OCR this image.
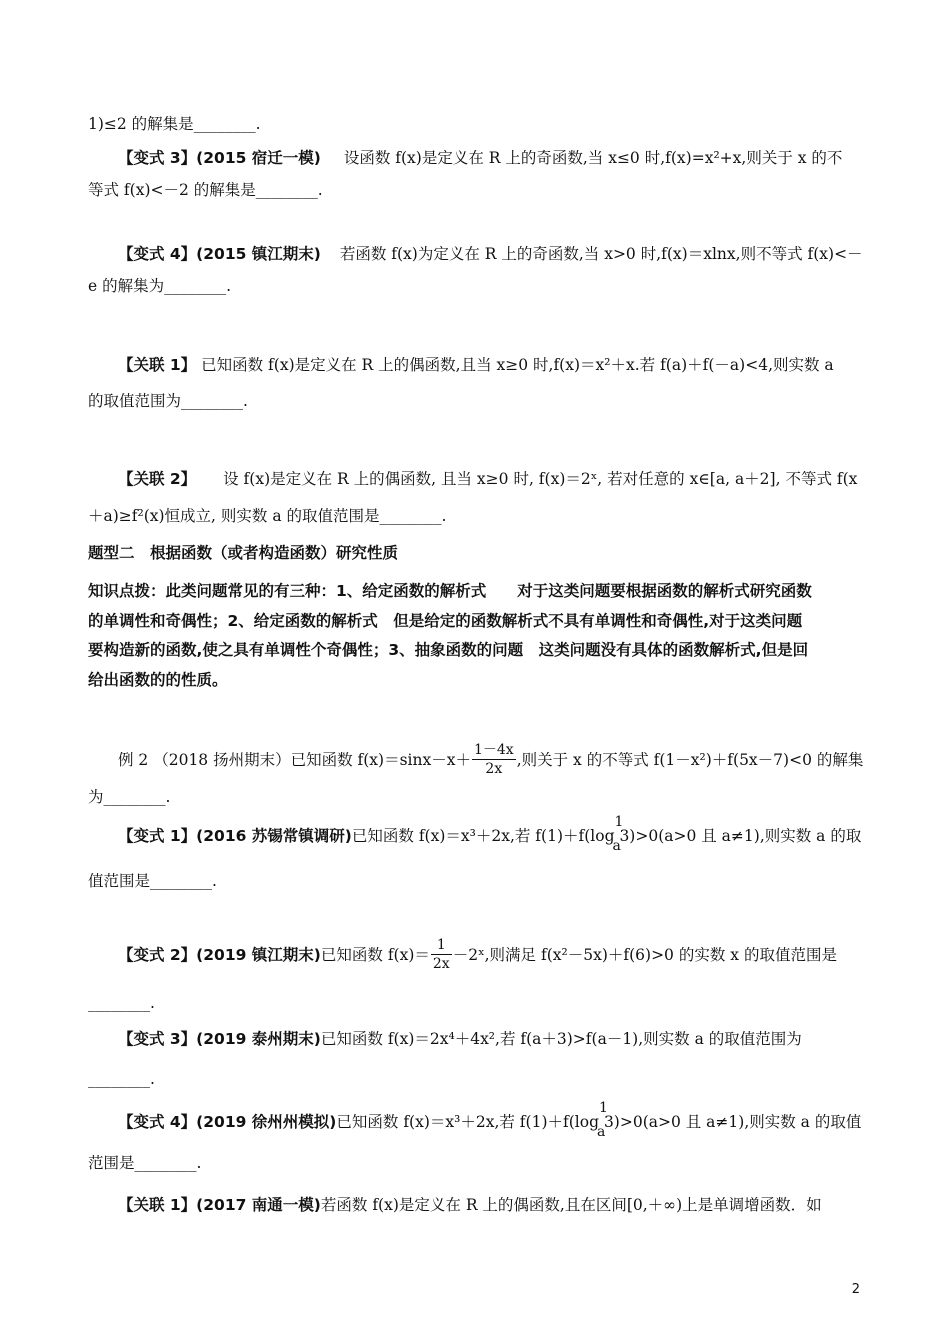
1)≤2 的解集是________.
【变式 3】(2015 宿迁一模) 设函数 f(x)是定义在 R 上的奇函数,当 x≤0 时,f(x)=x²+x,则关于 x 的不
等式 f(x)<－2 的解集是________.
【变式 4】(2015 镇江期末) 若函数 f(x)为定义在 R 上的奇函数,当 x>0 时,f(x)＝xlnx,则不等式 f(x)<－
e 的解集为________.
【关联 1】 已知函数 f(x)是定义在 R 上的偶函数,且当 x≥0 时,f(x)＝x²＋x.若 f(a)＋f(－a)<4,则实数 a
的取值范围为________.
【关联 2】 设 f(x)是定义在 R 上的偶函数, 且当 x≥0 时, f(x)＝2ˣ, 若对任意的 x∈[a, a＋2], 不等式 f(x
＋a)≥f²(x)恒成立, 则实数 a 的取值范围是________.
题型二　根据函数（或者构造函数）研究性质
知识点拨：此类问题常见的有三种：1、给定函数的解析式　　对于这类问题要根据函数的解析式研究函数
的单调性和奇偶性；2、给定函数的解析式　但是给定的函数解析式不具有单调性和奇偶性,对于这类问题
要构造新的函数,使之具有单调性个奇偶性；3、抽象函数的问题　这类问题没有具体的函数解析式,但是回
给出函数的的性质。
例 2 （2018 扬州期末）已知函数 $f(x)=\sin x-x+ \frac{1-4x}{2x}$ ,则关于 x 的不等式 f(1－x²)＋f(5x－7)<0 的解集
为________.
【变式 1】(2016 苏锡常镇调研)已知函数 f(x)＝x³＋2x,若 f(1)＋f(log
1
a
3)>0(a>0 且 a≠1),则实数 a 的取
值范围是________.
【变式 2】(2019 镇江期末)已知函数 $f(x)= \frac{1}{2x}$ －2ˣ,则满足 f(x²－5x)＋f(6)>0 的实数 x 的取值范围是
________.
【变式 3】(2019 泰州期末)已知函数 f(x)＝2x⁴＋4x²,若 f(a＋3)>f(a－1),则实数 a 的取值范围为
________.
【变式 4】(2019 徐州州模拟)已知函数 f(x)＝x³＋2x,若 f(1)＋f(log
1
a
3)>0(a>0 且 a≠1),则实数 a 的取值
范围是________.
【关联 1】(2017 南通一模)若函数 f(x)是定义在 R 上的偶函数,且在区间[0,＋∞)上是单调增函数．如
2
